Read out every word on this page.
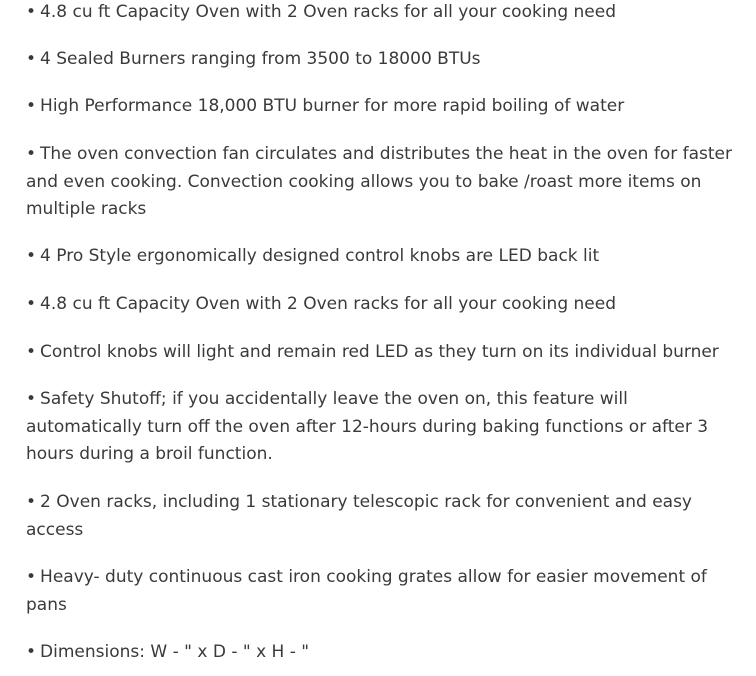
• 4.8 cu ft Capacity Oven with 2 Oven racks for all your cooking need
• 4 Sealed Burners ranging from 3500 to 18000 BTUs
• High Performance 18,000 BTU burner for more rapid boiling of water
• The oven convection fan circulates and distributes the heat in the oven for faster and even cooking. Convection cooking allows you to bake /roast more items on multiple racks
• 4 Pro Style ergonomically designed control knobs are LED back lit
• 4.8 cu ft Capacity Oven with 2 Oven racks for all your cooking need
• Control knobs will light and remain red LED as they turn on its individual burner
• Safety Shutoff; if you accidentally leave the oven on, this feature will automatically turn off the oven after 12-hours during baking functions or after 3 hours during a broil function.
• 2 Oven racks, including 1 stationary telescopic rack for convenient and easy access
• Heavy- duty continuous cast iron cooking grates allow for easier movement of pans
• Dimensions: W - " x D - " x H - "
